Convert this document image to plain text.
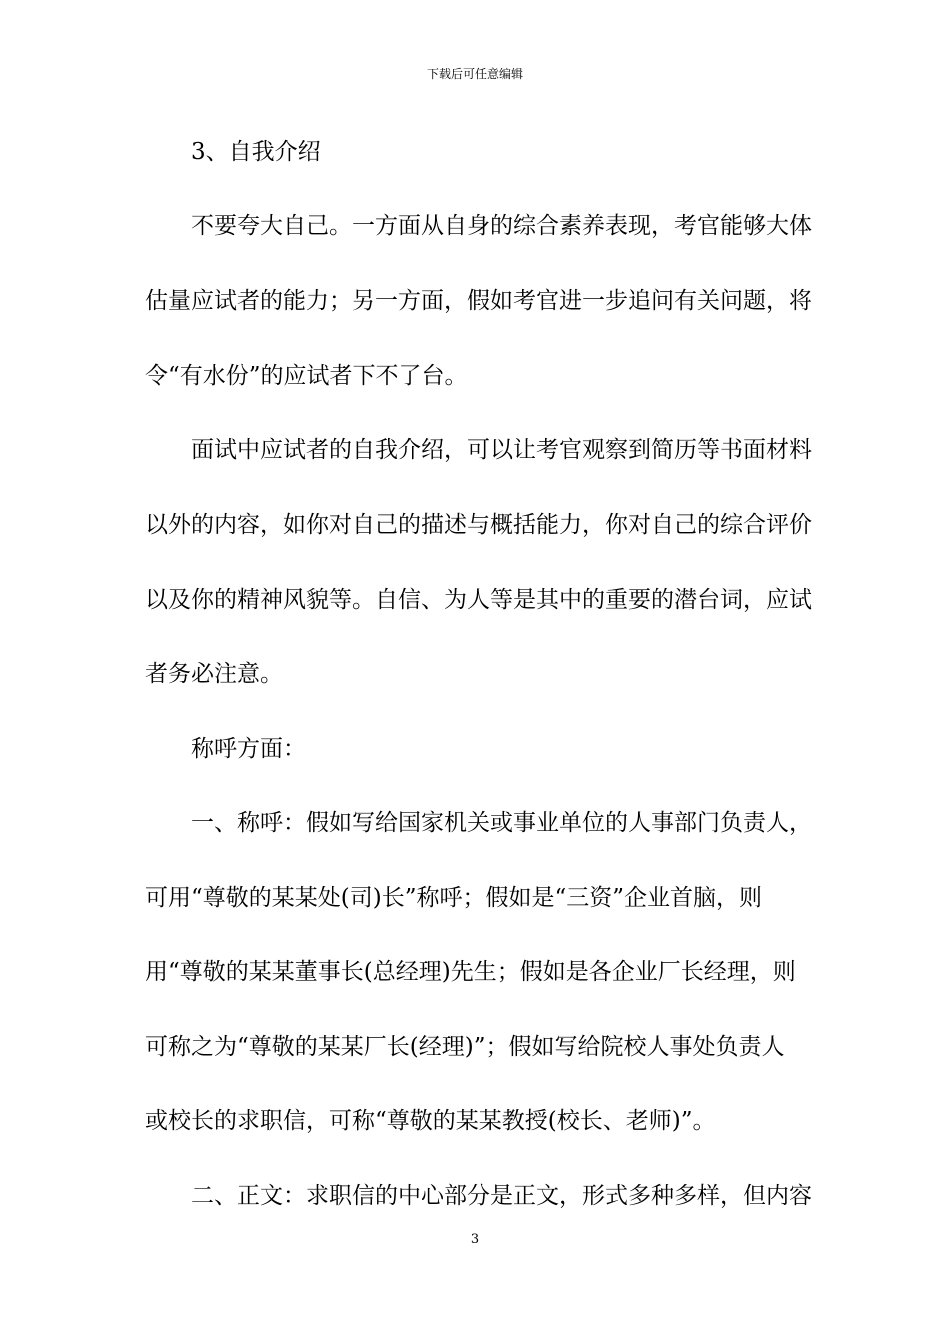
下载后可任意编辑
3、自我介绍
不要夸大自己。一方面从自身的综合素养表现，考官能够大体
估量应试者的能力；另一方面，假如考官进一步追问有关问题，将
令“有水份”的应试者下不了台。
面试中应试者的自我介绍，可以让考官观察到简历等书面材料
以外的内容，如你对自己的描述与概括能力，你对自己的综合评价
以及你的精神风貌等。自信、为人等是其中的重要的潜台词，应试
者务必注意。
称呼方面：
一、称呼：假如写给国家机关或事业单位的人事部门负责人，
可用“尊敬的某某处(司)长”称呼；假如是“三资”企业首脑，则
用“尊敬的某某董事长(总经理)先生；假如是各企业厂长经理，则
可称之为“尊敬的某某厂长(经理)”；假如写给院校人事处负责人
或校长的求职信，可称“尊敬的某某教授(校长、老师)”。
二、正文：求职信的中心部分是正文，形式多种多样，但内容
3
